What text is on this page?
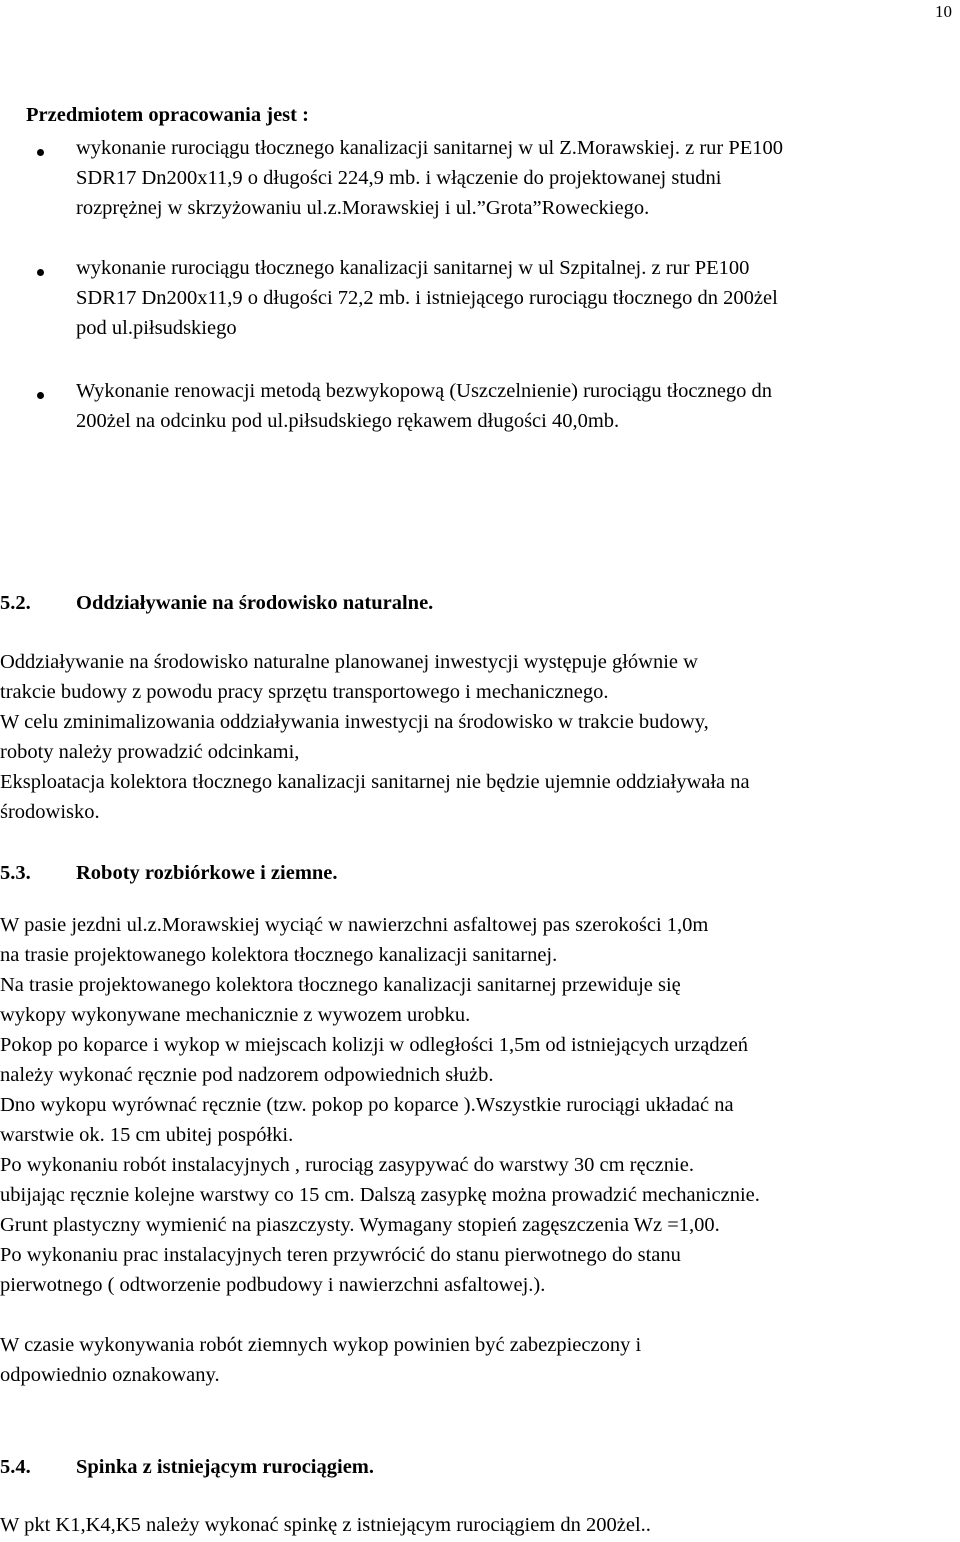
10
Przedmiotem opracowania jest :
wykonanie rurociągu tłocznego kanalizacji sanitarnej w ul Z.Morawskiej. z rur PE100
SDR17 Dn200x11,9 o długości 224,9 mb. i włączenie do projektowanej studni
rozprężnej w skrzyżowaniu ul.z.Morawskiej i ul.”Grota”Roweckiego.
wykonanie rurociągu tłocznego kanalizacji sanitarnej w ul Szpitalnej. z rur PE100
SDR17 Dn200x11,9 o długości 72,2 mb. i istniejącego rurociągu tłocznego dn 200żel
pod ul.piłsudskiego
Wykonanie renowacji metodą bezwykopową (Uszczelnienie) rurociągu tłocznego dn
200żel na odcinku pod ul.piłsudskiego rękawem długości 40,0mb.
5.2. Oddziaływanie na środowisko naturalne.
Oddziaływanie na środowisko naturalne planowanej inwestycji występuje głównie w
trakcie budowy z powodu pracy sprzętu transportowego i mechanicznego.
W celu zminimalizowania oddziaływania inwestycji na środowisko w trakcie budowy,
roboty należy prowadzić odcinkami,
Eksploatacja kolektora tłocznego kanalizacji sanitarnej nie będzie ujemnie oddziaływała na
środowisko.
5.3. Roboty rozbiórkowe i ziemne.
W pasie jezdni ul.z.Morawskiej wyciąć w nawierzchni asfaltowej pas szerokości 1,0m
na trasie projektowanego kolektora tłocznego kanalizacji sanitarnej.
Na trasie projektowanego kolektora tłocznego kanalizacji sanitarnej przewiduje się
wykopy wykonywane mechanicznie z wywozem urobku.
Pokop po koparce i wykop w miejscach kolizji w odległości 1,5m od istniejących urządzeń
należy wykonać ręcznie pod nadzorem odpowiednich służb.
Dno wykopu wyrównać ręcznie (tzw. pokop po koparce ).Wszystkie rurociągi układać na
warstwie ok. 15 cm ubitej pospółki.
Po wykonaniu robót instalacyjnych , rurociąg zasypywać do warstwy 30 cm ręcznie.
ubijając ręcznie kolejne warstwy co 15 cm. Dalszą zasypkę można prowadzić mechanicznie.
Grunt plastyczny wymienić na piaszczysty. Wymagany stopień zagęszczenia Wz =1,00.
Po wykonaniu prac instalacyjnych teren przywrócić do stanu pierwotnego do stanu
pierwotnego ( odtworzenie podbudowy i nawierzchni asfaltowej.).
W czasie wykonywania robót ziemnych wykop powinien być zabezpieczony i
odpowiednio oznakowany.
5.4. Spinka z istniejącym rurociągiem.
W pkt K1,K4,K5 należy wykonać spinkę z istniejącym rurociągiem dn 200żel..
